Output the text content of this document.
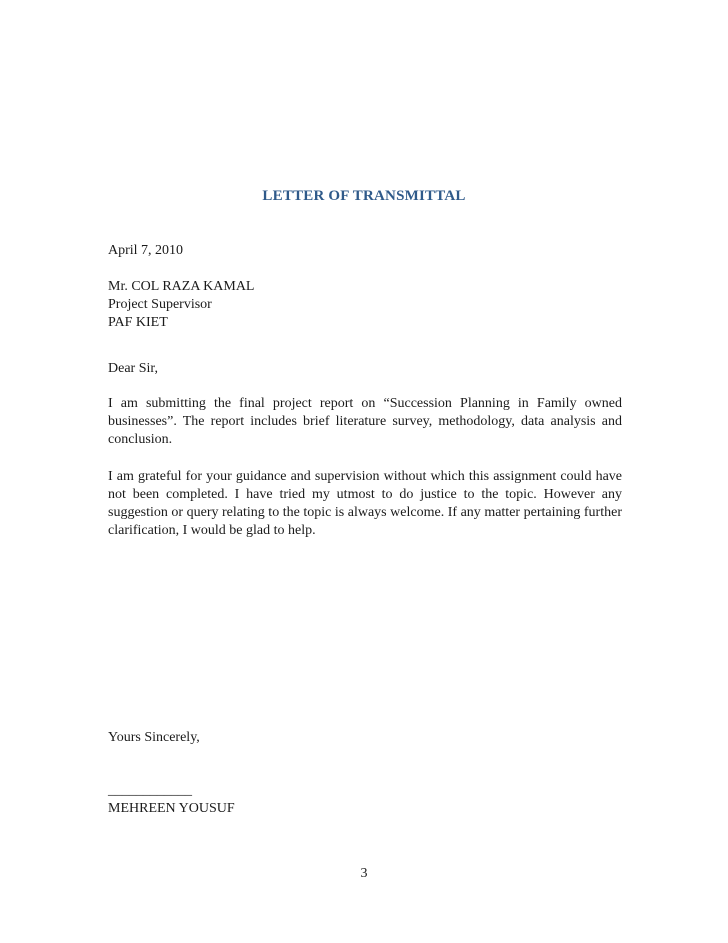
LETTER OF TRANSMITTAL
April 7, 2010
Mr. COL RAZA KAMAL
Project Supervisor
PAF KIET
Dear Sir,
I am submitting the final project report on “Succession Planning in Family owned businesses”. The report includes brief literature survey, methodology, data analysis and conclusion.
I am grateful for your guidance and supervision without which this assignment could have not been completed. I have tried my utmost to do justice to the topic. However any suggestion or query relating to the topic is always welcome. If any matter pertaining further clarification, I would be glad to help.
Yours Sincerely,
____________
MEHREEN YOUSUF
3
